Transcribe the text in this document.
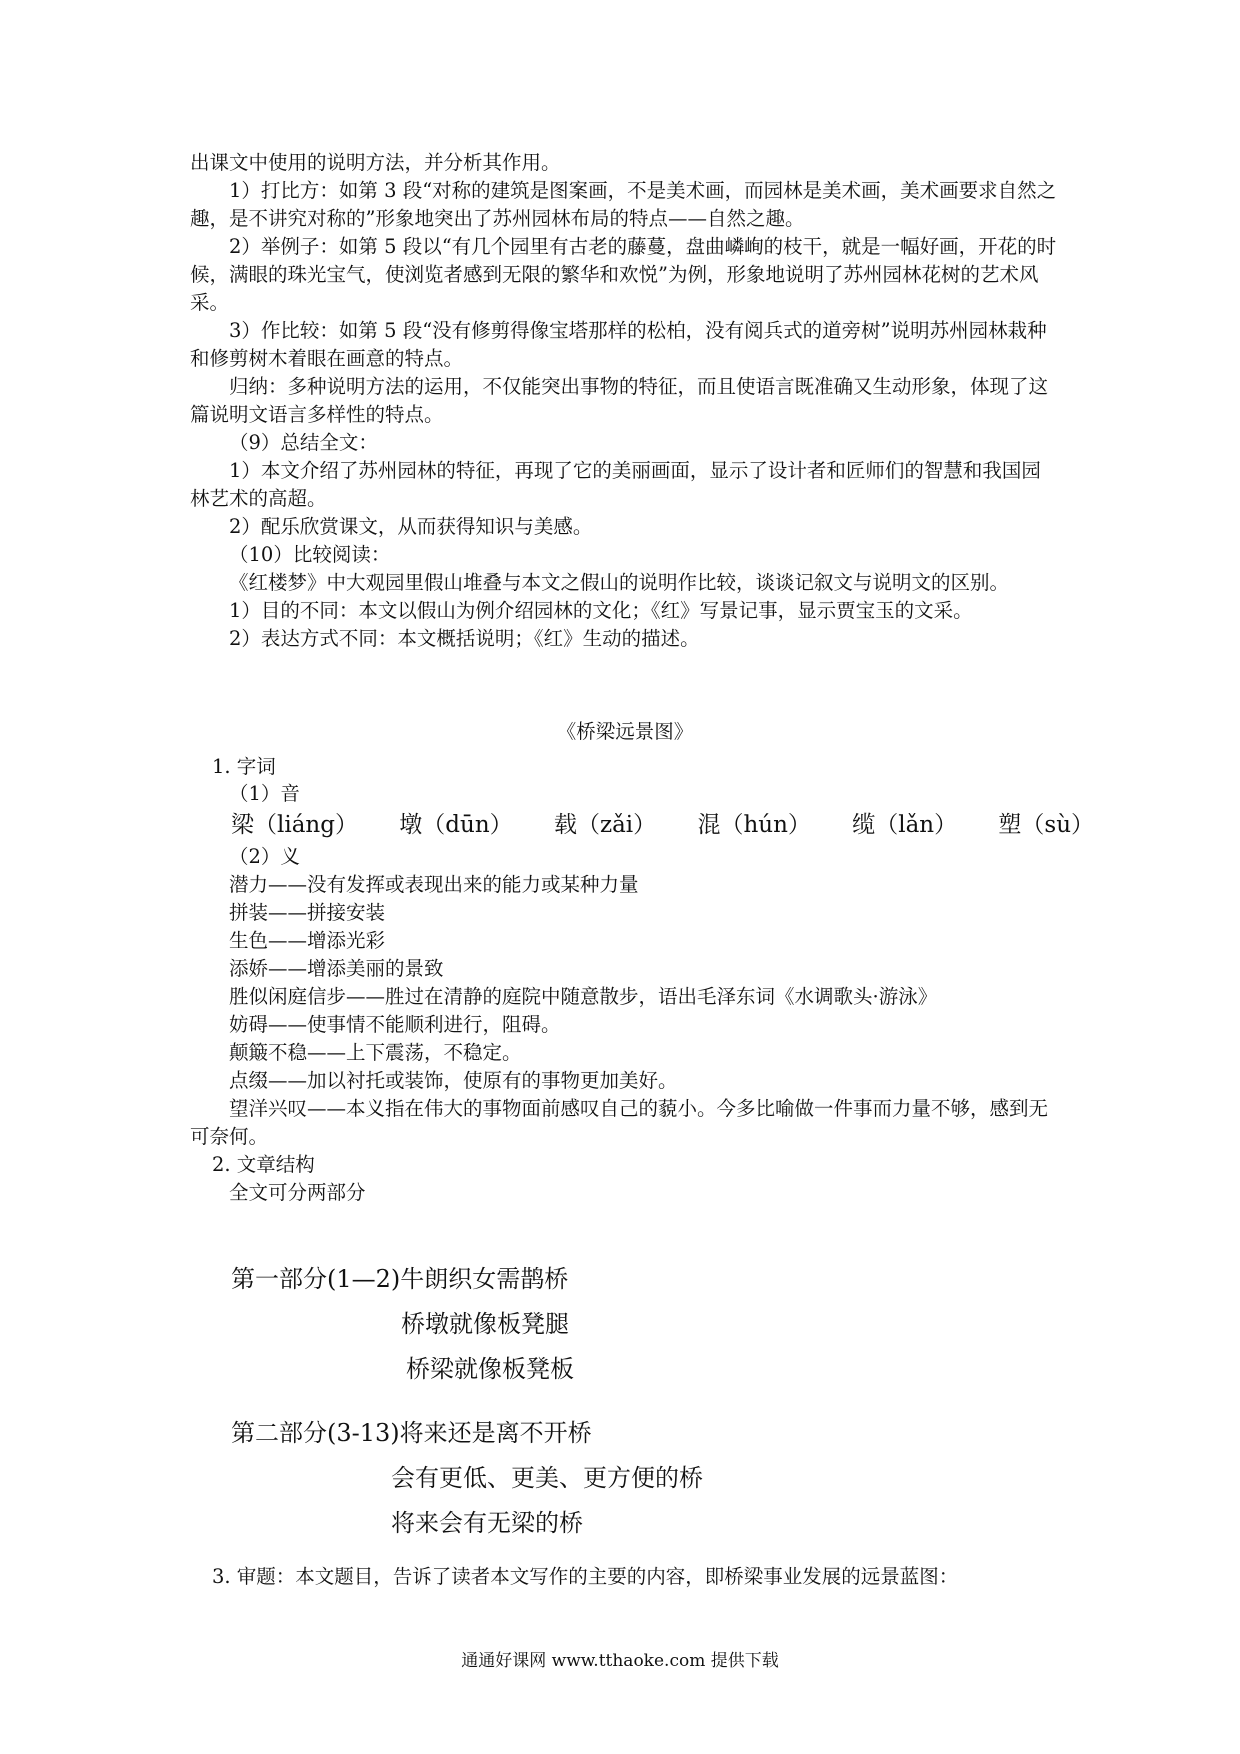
出课文中使用的说明方法，并分析其作用。

1）打比方：如第 3 段“对称的建筑是图案画，不是美术画，而园林是美术画，美术画要求自然之趣，是不讲究对称的”形象地突出了苏州园林布局的特点——自然之趣。

2）举例子：如第 5 段以“有几个园里有古老的藤蔓，盘曲嶙峋的枝干，就是一幅好画，开花的时候，满眼的珠光宝气，使浏览者感到无限的繁华和欢悦”为例，形象地说明了苏州园林花树的艺术风采。

3）作比较：如第 5 段“没有修剪得像宝塔那样的松柏，没有阅兵式的道旁树”说明苏州园林栽种和修剪树木着眼在画意的特点。

归纳：多种说明方法的运用，不仅能突出事物的特征，而且使语言既准确又生动形象，体现了这篇说明文语言多样性的特点。

（9）总结全文：

1）本文介绍了苏州园林的特征，再现了它的美丽画面，显示了设计者和匠师们的智慧和我国园林艺术的高超。

2）配乐欣赏课文，从而获得知识与美感。

（10）比较阅读：

《红楼梦》中大观园里假山堆叠与本文之假山的说明作比较，谈谈记叙文与说明文的区别。

1）目的不同：本文以假山为例介绍园林的文化；《红》写景记事，显示贾宝玉的文采。

2）表达方式不同：本文概括说明；《红》生动的描述。

《桥梁远景图》
1. 字词
（1）音
梁（liáng） 墩（dūn） 载（zǎi） 混（hún） 缆（lǎn） 塑（sù）

（2）义

潜力——没有发挥或表现出来的能力或某种力量

拼装——拼接安装

生色——增添光彩

添娇——增添美丽的景致

胜似闲庭信步——胜过在清静的庭院中随意散步，语出毛泽东词《水调歌头·游泳》

妨碍——使事情不能顺利进行，阻碍。

颠簸不稳——上下震荡，不稳定。

点缀——加以衬托或装饰，使原有的事物更加美好。

望洋兴叹——本义指在伟大的事物面前感叹自己的藐小。今多比喻做一件事而力量不够，感到无可奈何。

2. 文章结构

全文可分两部分

第一部分(1—2)牛朗织女需鹊桥
桥墩就像板凳腿
桥梁就像板凳板
第二部分(3-13)将来还是离不开桥
会有更低、更美、更方便的桥
将来会有无梁的桥
3. 审题：本文题目，告诉了读者本文写作的主要的内容，即桥梁事业发展的远景蓝图：
通通好课网 www.tthaoke.com 提供下载
